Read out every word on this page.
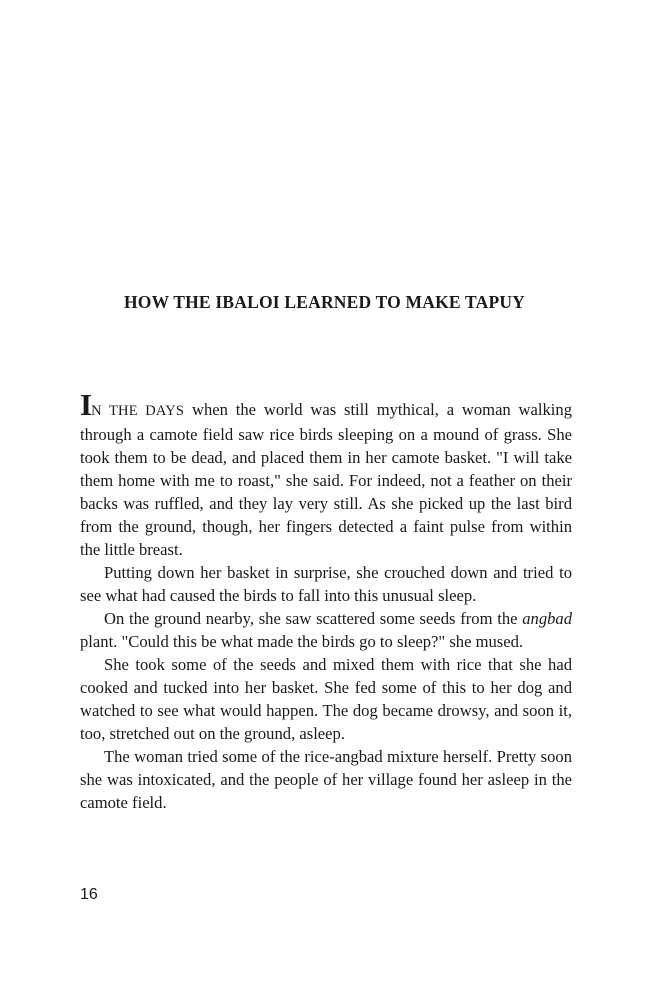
HOW THE IBALOI LEARNED TO MAKE TAPUY

IN THE DAYS when the world was still mythical, a woman walking through a camote field saw rice birds sleeping on a mound of grass. She took them to be dead, and placed them in her camote basket. "I will take them home with me to roast," she said. For indeed, not a feather on their backs was ruffled, and they lay very still. As she picked up the last bird from the ground, though, her fingers detected a faint pulse from within the little breast.

Putting down her basket in surprise, she crouched down and tried to see what had caused the birds to fall into this unusual sleep.

On the ground nearby, she saw scattered some seeds from the angbad plant. "Could this be what made the birds go to sleep?" she mused.

She took some of the seeds and mixed them with rice that she had cooked and tucked into her basket. She fed some of this to her dog and watched to see what would happen. The dog became drowsy, and soon it, too, stretched out on the ground, asleep.

The woman tried some of the rice-angbad mixture herself. Pretty soon she was intoxicated, and the people of her village found her asleep in the camote field.

16
